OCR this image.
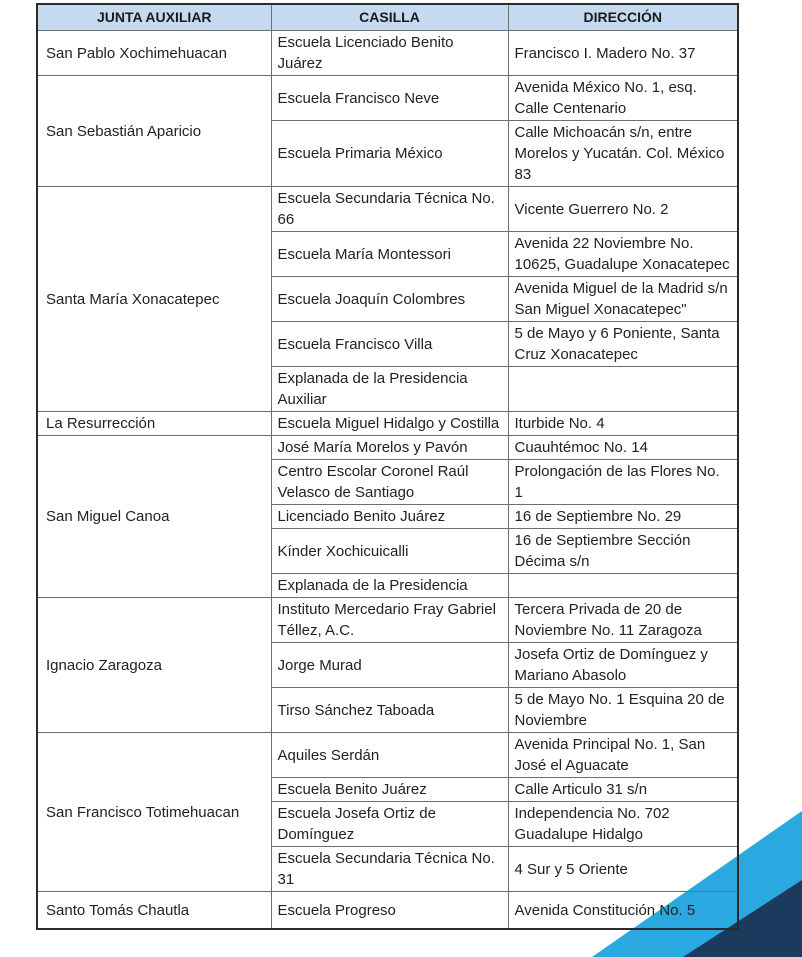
JUNTA AUXILIAR	CASILLA	DIRECCIÓN
San Pablo Xochimehuacan	Escuela Licenciado Benito Juárez	Francisco I. Madero No. 37
San Sebastián Aparicio	Escuela Francisco Neve	Avenida México No. 1, esq. Calle Centenario
	Escuela Primaria México	Calle Michoacán s/n, entre Morelos y Yucatán. Col. México 83
Santa María Xonacatepec	Escuela Secundaria Técnica No. 66	Vicente Guerrero No. 2
	Escuela María Montessori	Avenida 22 Noviembre No. 10625, Guadalupe Xonacatepec
	Escuela Joaquín Colombres	Avenida Miguel de la Madrid s/n San Miguel Xonacatepec"
	Escuela Francisco Villa	5 de Mayo y 6 Poniente, Santa Cruz Xonacatepec
	Explanada de la Presidencia Auxiliar	
La Resurrección	Escuela Miguel Hidalgo y Costilla	Iturbide No. 4
San Miguel Canoa	José María Morelos y Pavón	Cuauhtémoc No. 14
	Centro Escolar Coronel Raúl Velasco de Santiago	Prolongación de las Flores No. 1
	Licenciado Benito Juárez	16 de Septiembre No. 29
	Kínder Xochicuicalli	16 de Septiembre Sección Décima s/n
	Explanada de la Presidencia	
Ignacio Zaragoza	Instituto Mercedario Fray Gabriel Téllez, A.C.	Tercera Privada de 20 de Noviembre No. 11 Zaragoza
	Jorge Murad	Josefa Ortiz de Domínguez y Mariano Abasolo
	Tirso Sánchez Taboada	5 de Mayo No. 1 Esquina 20 de Noviembre
San Francisco Totimehuacan	Aquiles Serdán	Avenida Principal No. 1, San José el Aguacate
	Escuela Benito Juárez	Calle Articulo 31 s/n
	Escuela Josefa Ortiz de Domínguez	Independencia No. 702 Guadalupe Hidalgo
	Escuela Secundaria Técnica No. 31	4 Sur y 5 Oriente
Santo Tomás Chautla	Escuela Progreso	Avenida Constitución No. 5
